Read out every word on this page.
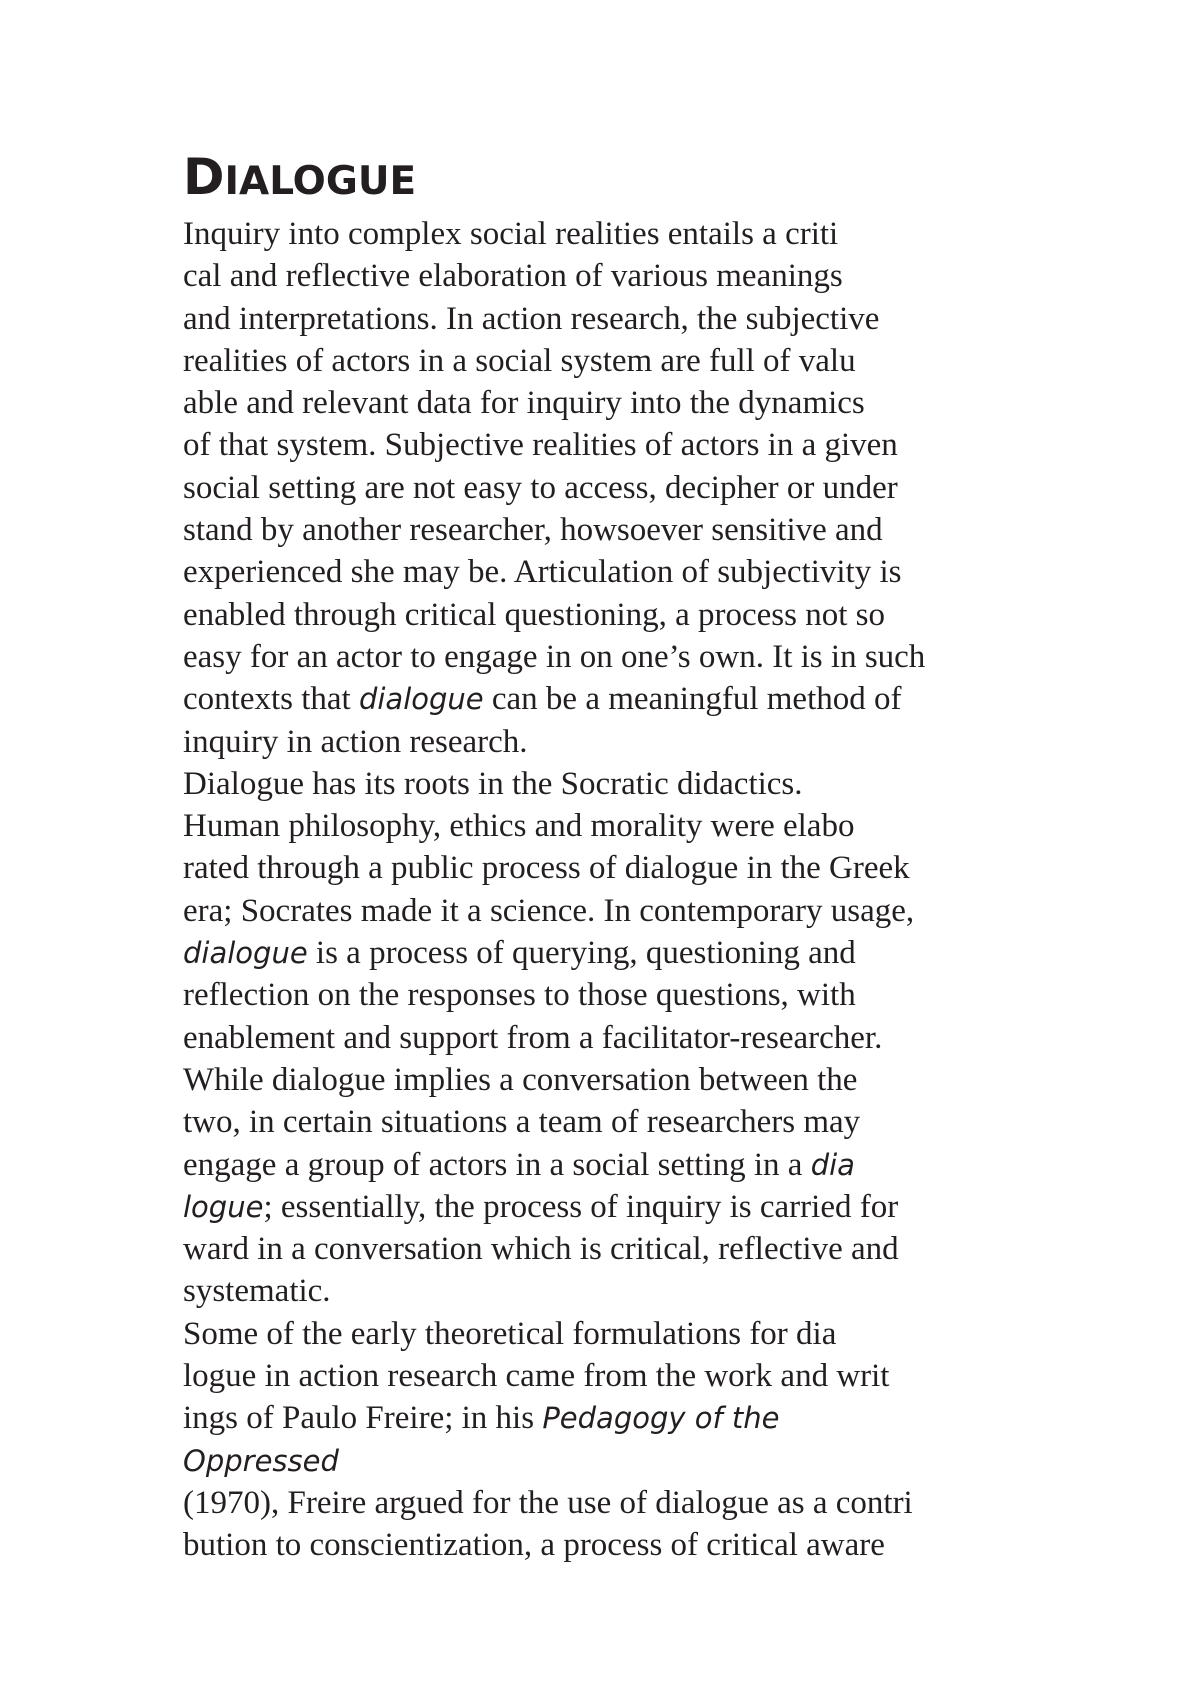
DIALOGUE
Inquiry into complex social realities entails a criti
cal and reflective elaboration of various meanings
and interpretations. In action research, the subjective
realities of actors in a social system are full of valu
able and relevant data for inquiry into the dynamics
of that system. Subjective realities of actors in a given
social setting are not easy to access, decipher or under
stand by another researcher, howsoever sensitive and
experienced she may be. Articulation of subjectivity is
enabled through critical questioning, a process not so
easy for an actor to engage in on one’s own. It is in such
contexts that dialogue can be a meaningful method of
inquiry in action research.
Dialogue has its roots in the Socratic didactics.
Human philosophy, ethics and morality were elabo
rated through a public process of dialogue in the Greek
era; Socrates made it a science. In contemporary usage,
dialogue is a process of querying, questioning and
reflection on the responses to those questions, with
enablement and support from a facilitator-researcher.
While dialogue implies a conversation between the
two, in certain situations a team of researchers may
engage a group of actors in a social setting in a dia
logue; essentially, the process of inquiry is carried for
ward in a conversation which is critical, reflective and
systematic.
Some of the early theoretical formulations for dia
logue in action research came from the work and writ
ings of Paulo Freire; in his Pedagogy of the
Oppressed
(1970), Freire argued for the use of dialogue as a contri
bution to conscientization, a process of critical aware
